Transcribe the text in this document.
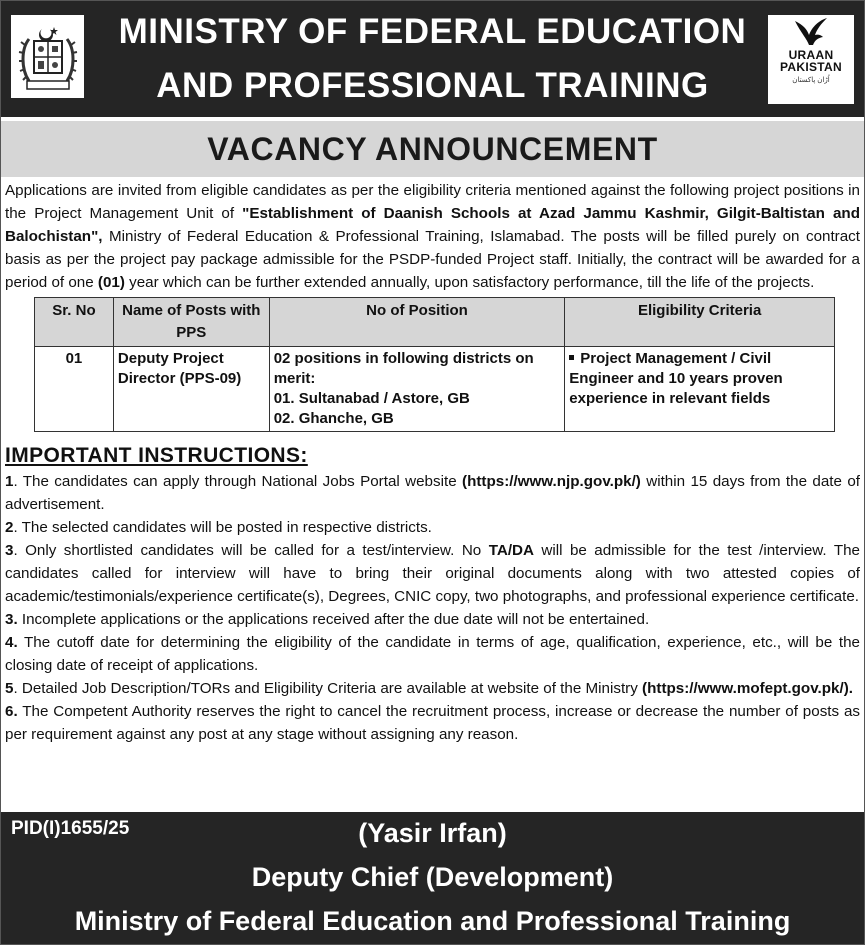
MINISTRY OF FEDERAL EDUCATION
AND PROFESSIONAL TRAINING
URAAN PAKISTAN
اُڑان پاکستان
VACANCY ANNOUNCEMENT
Applications are invited from eligible candidates as per the eligibility criteria mentioned against the following project positions in the Project Management Unit of "Establishment of Daanish Schools at Azad Jammu Kashmir, Gilgit-Baltistan and Balochistan", Ministry of Federal Education & Professional Training, Islamabad. The posts will be filled purely on contract basis as per the project pay package admissible for the PSDP-funded Project staff. Initially, the contract will be awarded for a period of one (01) year which can be further extended annually, upon satisfactory performance, till the life of the projects.
Sr. No	Name of Posts with PPS	No of Position	Eligibility Criteria
01	Deputy Project Director (PPS-09)	02 positions in following districts on merit:
01. Sultanabad / Astore, GB
02. Ghanche, GB	Project Management / Civil Engineer and 10 years proven experience in relevant fields
IMPORTANT INSTRUCTIONS:

1. The candidates can apply through National Jobs Portal website (https://www.njp.gov.pk/) within 15 days from the date of advertisement.

2. The selected candidates will be posted in respective districts.

3. Only shortlisted candidates will be called for a test/interview. No TA/DA will be admissible for the test /interview. The candidates called for interview will have to bring their original documents along with two attested copies of academic/testimonials/experience certificate(s), Degrees, CNIC copy, two photographs, and professional experience certificate.

3. Incomplete applications or the applications received after the due date will not be entertained.

4. The cutoff date for determining the eligibility of the candidate in terms of age, qualification, experience, etc., will be the closing date of receipt of applications.

5. Detailed Job Description/TORs and Eligibility Criteria are available at website of the Ministry (https://www.mofept.gov.pk/).

6. The Competent Authority reserves the right to cancel the recruitment process, increase or decrease the number of posts as per requirement against any post at any stage without assigning any reason.

PID(I)1655/25	(Yasir Irfan)
Deputy Chief (Development)
Ministry of Federal Education and Professional Training
